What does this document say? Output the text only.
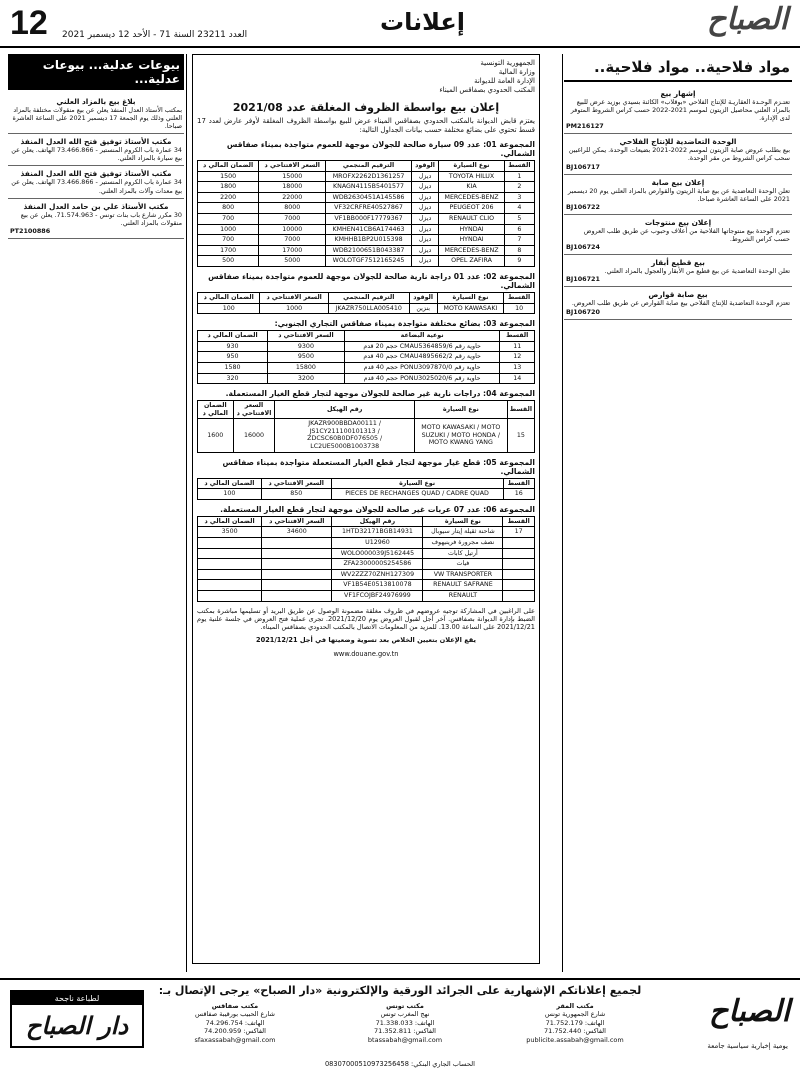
12 العدد 23211 السنة 71 - الأحد 12 ديسمبر 2021	إعلانات	الصباح
مواد فلاحية.. مواد فلاحية..
إشهار بيع
تعتـزم الوحـدة العقاريـة للإنتاج الفلاحي «بوقلاب» الكائنة بسيدي بوزيد عرض للبيع بالمزاد العلني محاصيل الزيتون لموسم 2021-2022 حسب كراس الشروط المتوفر لدى الإدارة.
PM216127
الوحدة التعاضدية للإنتاج الفلاحي
بيع بطلب عروض صابة الزيتون لموسم 2022-2021 بضيعات الوحدة. يمكن للراغبين سحب كراس الشروط من مقر الوحدة.
BJ106717
إعلان بيع صابة
تعلن الوحدة التعاضدية عن بيع صابة الزيتون والقوارص بالمزاد العلني يوم 20 ديسمبر 2021 على الساعة العاشرة صباحا.
BJ106722
إعلان بيع منتوجات
تعتزم الوحدة بيع منتوجاتها الفلاحية من أعلاف وحبوب عن طريق طلب العروض حسب كراس الشروط.
BJ106724
بيع قطيع أبقار
تعلن الوحدة التعاضدية عن بيع قطيع من الأبقار والعجول بالمزاد العلني.
BJ106721
بيع صابة قوارص
تعتزم الوحدة التعاضدية للإنتاج الفلاحي بيع صابة القوارص عن طريق طلب العروض.
BJ106720
الجمهورية التونسية
وزارة المالية
الإدارة العامة للديوانة
المكتب الحدودي بصفاقس الميناء
إعلان بيع بواسطة الظروف المغلقة عدد 2021/08
يعتزم قابض الديوانة بالمكتب الحدودي بصفاقس الميناء عرض للبيع بواسطة الظروف المغلقة لأوفر عارض لعدد 17 قسط تحتوي على بضائع مختلفة حسب بيانات الجداول التالية:
المجموعة 01: عدد 09 سيارة صالحة للجولان موجهة للعموم متواجدة بميناء صفاقس الشمالي.
القسط	نوع السيارة	الوقود	الترقيم المنجمي	السعر الافتتاحي د	الضمان المالي د
1	TOYOTA HILUX	ديزل	MROFX2262D1361257	15000	1500
2	KIA	ديزل	KNAGN4115B5401577	18000	1800
3	MERCEDES-BENZ	ديزل	WDB2630451A145586	22000	2200
4	PEUGEOT 206	ديزل	VF32CRFRE40527867	8000	800
5	RENAULT CLIO	ديزل	VF1BB000F17779367	7000	700
6	HYNDAI	ديزل	KMHEN41CB6A174463	10000	1000
7	HYNDAI	ديزل	KMHHB1BP2U015398	7000	700
8	MERCEDES-BENZ	ديزل	WDB2100651B043387	17000	1700
9	OPEL ZAFIRA	ديزل	WOLOTGF7512165245	5000	500
المجموعة 02: عدد 01 دراجة نارية صالحة للجولان موجهة للعموم متواجدة بميناء صفاقس الشمالي.
القسط	نوع السيارة	الوقود	الترقيم المنجمي	السعر الافتتاحي د	الضمان المالي د
10	MOTO KAWASAKI	بنزين	JKAZR750LLA005410	1000	100
المجموعة 03: بضائع مختلفة متواجدة بميناء صفاقس التجاري الجنوبي:
القسط	نوعية البضاعة	السعر الافتتاحي د	الضمان المالي د
11	حاوية رقم CMAU5364859/6 حجم 20 قدم	9300	930
12	حاوية رقم CMAU4895662/2 حجم 40 قدم	9500	950
13	حاوية رقم PONU3097870/0 حجم 40 قدم	15800	1580
14	حاوية رقم PONU3025020/6 حجم 40 قدم	3200	320
المجموعة 04: دراجات نارية غير صالحة للجولان موجهة لتجار قطع الغيار المستعملة.
القسط	نوع السيارة	رقم الهيكل	السعر الافتتاحي د	الضمان المالي د
15	MOTO KAWASAKI / MOTO SUZUKI / MOTO HONDA / MOTO KWANG YANG	JKAZR900BBDA00111 / JS1CY211100101313 / ZDCSC60B0DF076505 / LC2UE5000B1003738	16000	1600
المجموعة 05: قطع غيار موجهة لتجار قطع الغيار المستعملة متواجدة بميناء صفاقس الشمالي.
القسط	نوع السيارة	السعر الافتتاحي د	الضمان المالي د
16	PIECES DE RECHANGES QUAD / CADRE QUAD	850	100
المجموعة 06: عدد 07 عربات غير صالحة للجولان موجهة لتجار قطع الغيار المستعملة.
القسط	نوع السيارة	رقم الهيكل	السعر الافتتاحي د	الضمان المالي د
17	شاحنة ثقيلة إيتار سيوبال	1HTD32171BGB14931	34600	3500
	نصف مجرورة فرينيهوف	U12960		
	أرتيل كابات	WOLO000039J5162445		
	فيات	ZFA2300000S254586		
	VW TRANSPORTER	WV2ZZZ70ZNH127309		
	RENAULT SAFRANE	VF1B54E0513810078		
	RENAULT	VF1FCOJBF24976999		
على الراغبين في المشاركة توجيه عروضهم في ظروف مغلقة مضمونة الوصول عن طريق البريد أو تسليمها مباشرة بمكتب الضبط بإدارة الديوانة بصفاقس. آخر أجل لقبول العروض يوم 2021/12/20. تجرى عملية فتح العروض في جلسة علنية يوم 2021/12/21 على الساعة 13.00. للمزيد من المعلومات الاتصال بالمكتب الحدودي بصفاقس الميناء.
يقع الإعلان بتعيين الخلاص بعد تسوية وضعيتها في أجل 2021/12/21
www.douane.gov.tn
بيوعات عدلية... بيوعات عدلية...
بلاغ بيع بالمزاد العلني
بمكتب الأستاذ العدل المنفذ يعلن عن بيع منقولات مختلفة بالمزاد العلني وذلك يوم الجمعة 17 ديسمبر 2021 على الساعة العاشرة صباحا.
مكتب الأستاذ توفيق فتح الله العدل المنفذ
34 عمارة باب الكروم المنستير - 73.466.866 الهاتف. يعلن عن بيع سيارة بالمزاد العلني.
مكتب الأستاذ توفيق فتح الله العدل المنفذ
34 عمارة باب الكروم المنستير - 73.466.866 الهاتف. يعلن عن بيع معدات وآلات بالمزاد العلني.
مكتب الأستاذ علي بن حامد العدل المنفذ
30 مكرر شارع باب بنات تونس - 71.574.963. يعلن عن بيع منقولات بالمزاد العلني.
PT2100886
الصباح
يومية إخبارية سياسية جامعة
لجميع إعلاناتكم الإشهارية على الجرائد الورقية والإلكترونية «دار الصباح» يرجى الإتصال بـ:
مكتب المقر
شارع الجمهورية تونس
الهاتف: 71.752.179
الفاكس: 71.752.440
publicite.assabah@gmail.com
مكتب تونس
نهج المغرب تونس
الهاتف: 71.338.033
الفاكس: 71.352.811
btassabah@gmail.com
مكتب صفاقس
شارع الحبيب بورقيبة صفاقس
الهاتف: 74.296.754
الفاكس: 74.200.959
sfaxassabah@gmail.com
لطباعة ناجحة
دار الصباح
الحساب الجاري البنكي: 08307000510973256458
